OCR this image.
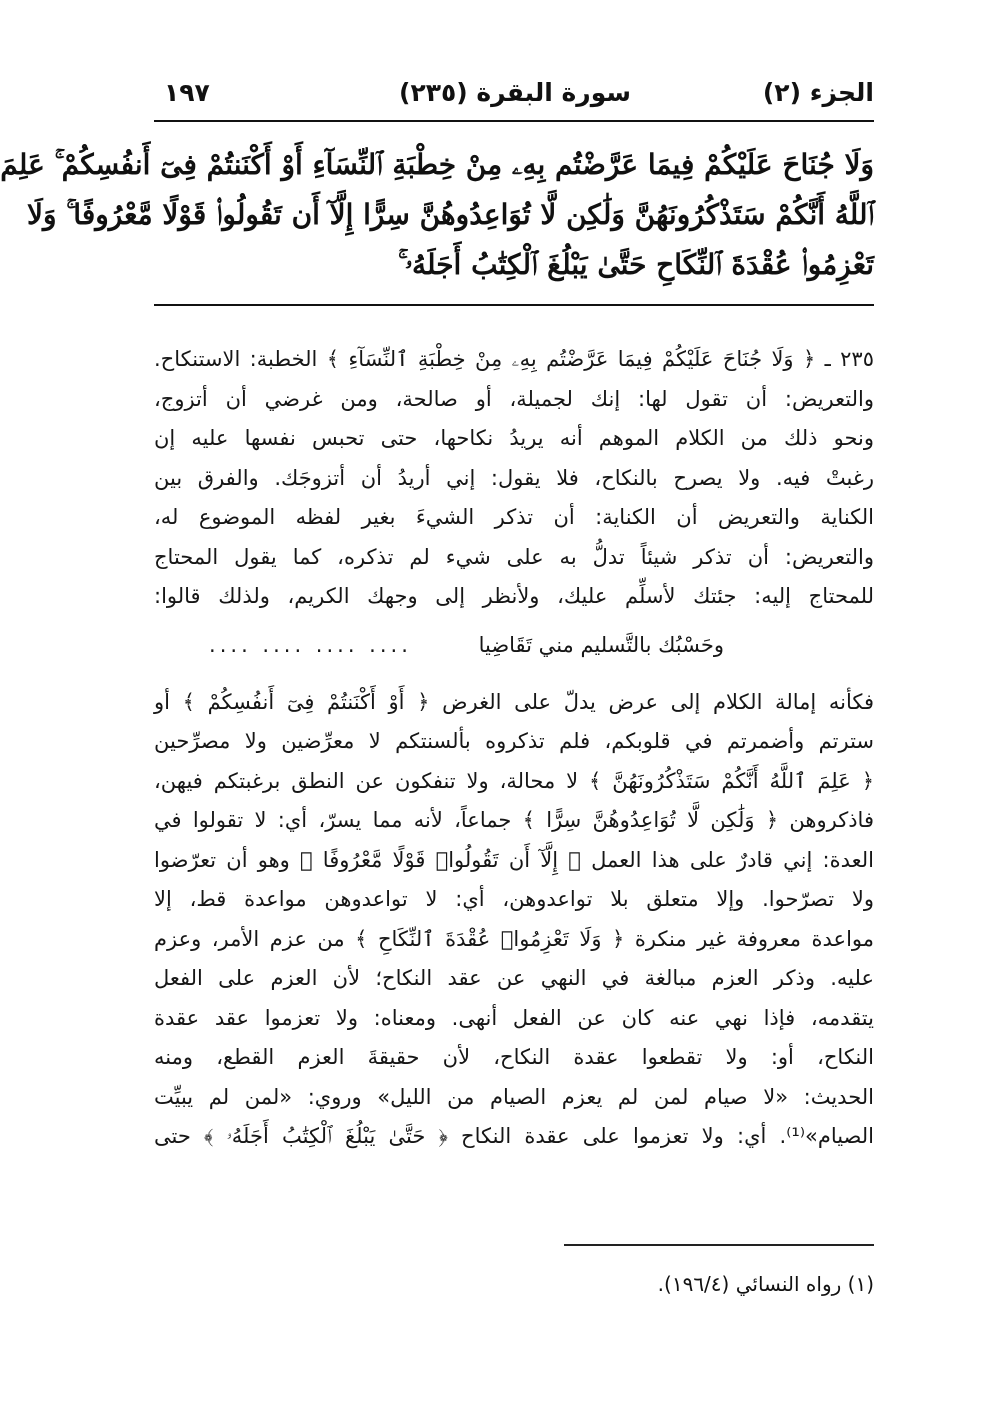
الجزء (٢)
سورة البقرة (٢٣٥)
١٩٧
وَلَا جُنَاحَ عَلَيْكُمْ فِيمَا عَرَّضْتُم بِهِۦ مِنْ خِطْبَةِ ٱلنِّسَآءِ أَوْ أَكْنَنتُمْ فِىٓ أَنفُسِكُمْ ۚ عَلِمَ
ٱللَّهُ أَنَّكُمْ سَتَذْكُرُونَهُنَّ وَلَٰكِن لَّا تُوَاعِدُوهُنَّ سِرًّا إِلَّآ أَن تَقُولُوا۟ قَوْلًا مَّعْرُوفًا ۚ وَلَا
تَعْزِمُوا۟ عُقْدَةَ ٱلنِّكَاحِ حَتَّىٰ يَبْلُغَ ٱلْكِتَٰبُ أَجَلَهُۥ ۚ
٢٣٥ ـ ﴿ وَلَا جُنَاحَ عَلَيْكُمْ فِيمَا عَرَّضْتُم بِهِۦ مِنْ خِطْبَةِ ٱلنِّسَآءِ ﴾ الخطبة: الاستنكاح.
والتعريض: أن تقول لها: إنك لجميلة، أو صالحة، ومن غرضي أن أتزوج،
ونحو ذلك من الكلام الموهم أنه يريدُ نكاحها، حتى تحبس نفسها عليه إن
رغبتْ فيه. ولا يصرح بالنكاح، فلا يقول: إني أريدُ أن أتزوجَك. والفرق بين
الكناية والتعريض أن الكناية: أن تذكر الشيءَ بغير لفظه الموضوع له،
والتعريض: أن تذكر شيئاً تدلُّ به على شيء لم تذكره، كما يقول المحتاج
للمحتاج إليه: جئتك لأسلِّم عليك، ولأنظر إلى وجهك الكريم، ولذلك قالوا:
وحَسْبُك بالتَّسليم مني تَقَاضِيا .... .... .... ....
فكأنه إمالة الكلام إلى عرض يدلّ على الغرض ﴿ أَوْ أَكْنَنتُمْ فِىٓ أَنفُسِكُمْ ﴾ أو
سترتم وأضمرتم في قلوبكم، فلم تذكروه بألسنتكم لا معرِّضين ولا مصرِّحين
﴿ عَلِمَ ٱللَّهُ أَنَّكُمْ سَتَذْكُرُونَهُنَّ ﴾ لا محالة، ولا تنفكون عن النطق برغبتكم فيهن،
فاذكروهن ﴿ وَلَٰكِن لَّا تُوَاعِدُوهُنَّ سِرًّا ﴾ جماعاً، لأنه مما يسرّ، أي: لا تقولوا في
العدة: إني قادرٌ على هذا العمل ﴿ إِلَّآ أَن تَقُولُوا۟ قَوْلًا مَّعْرُوفًا ﴾ وهو أن تعرّضوا
ولا تصرّحوا. وإلا متعلق بلا تواعدوهن، أي: لا تواعدوهن مواعدة قط، إلا
مواعدة معروفة غير منكرة ﴿ وَلَا تَعْزِمُوا۟ عُقْدَةَ ٱلنِّكَاحِ ﴾ من عزم الأمر، وعزم
عليه. وذكر العزم مبالغة في النهي عن عقد النكاح؛ لأن العزم على الفعل
يتقدمه، فإذا نهي عنه كان عن الفعل أنهى. ومعناه: ولا تعزموا عقد عقدة
النكاح، أو: ولا تقطعوا عقدة النكاح، لأن حقيقةَ العزم القطع، ومنه
الحديث: «لا صيام لمن لم يعزم الصيام من الليل» وروي: «لمن لم يبيِّت
الصيام»⁽¹⁾. أي: ولا تعزموا على عقدة النكاح ﴿ حَتَّىٰ يَبْلُغَ ٱلْكِتَٰبُ أَجَلَهُۥ ﴾ حتى
(١) رواه النسائي (١٩٦/٤).
